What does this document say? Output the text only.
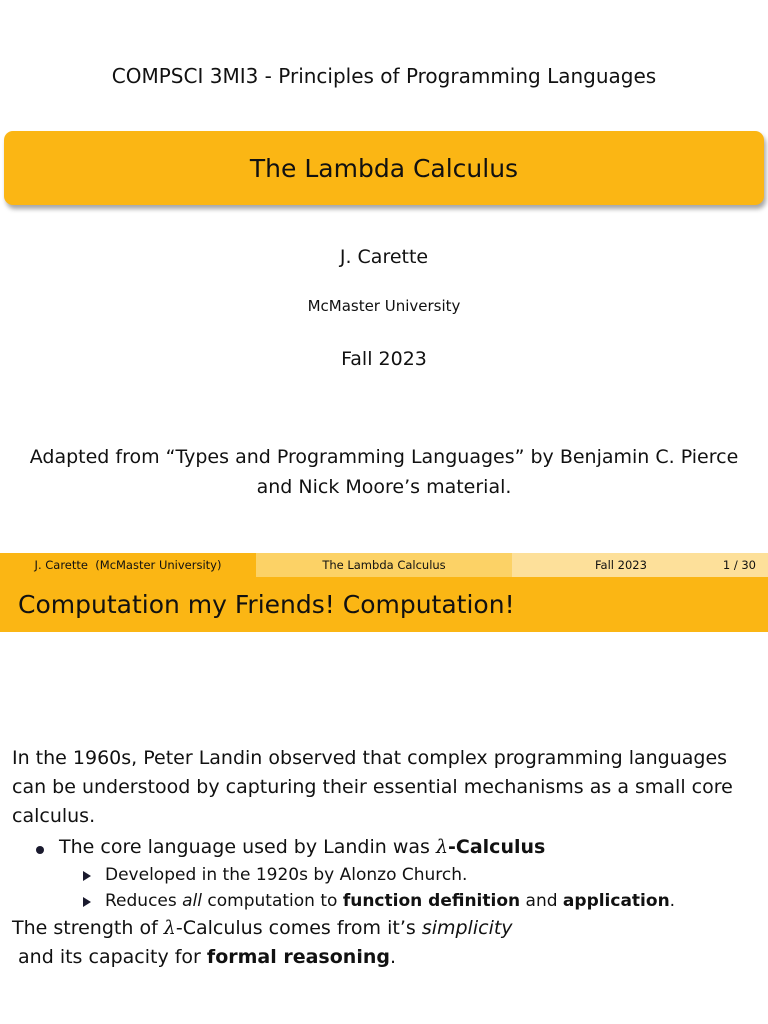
COMPSCI 3MI3 - Principles of Programming Languages
The Lambda Calculus
J. Carette
McMaster University
Fall 2023
Adapted from “Types and Programming Languages” by Benjamin C. Pierce
and Nick Moore’s material.
J. Carette  (McMaster University)	The Lambda Calculus	Fall 2023	1 / 30
Computation my Friends! Computation!

In the 1960s, Peter Landin observed that complex programming languages can be understood by capturing their essential mechanisms as a small core calculus.

The core language used by Landin was λ-Calculus
Developed in the 1920s by Alonzo Church.
Reduces all computation to function definition and application.

The strength of λ-Calculus comes from it’s simplicity and its capacity for formal reasoning.
